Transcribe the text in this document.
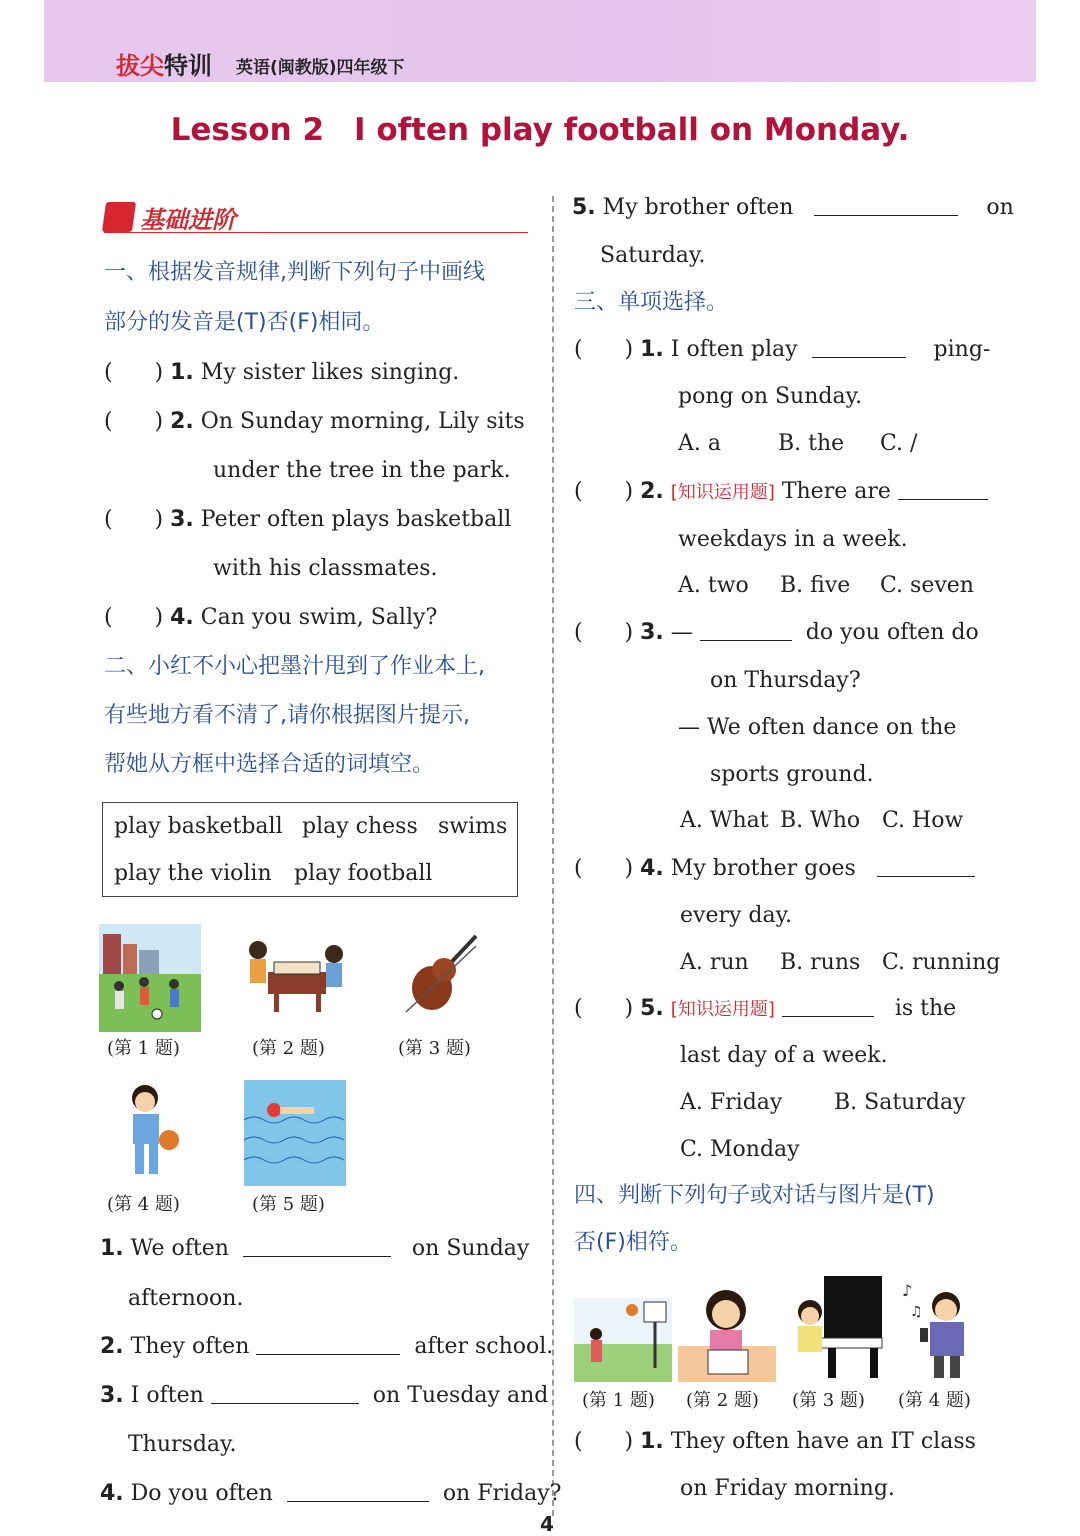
拔尖特训 英语(闽教版)四年级下
Lesson 2 I often play football on Monday.
基础进阶
一、根据发音规律,判断下列句子中画线
部分的发音是(T)否(F)相同。
(      ) 1. My sister likes singing.
(      ) 2. On Sunday morning, Lily sits
under the tree in the park.
(      ) 3. Peter often plays basketball
with his classmates.
(      ) 4. Can you swim, Sally?
二、小红不小心把墨汁甩到了作业本上,
有些地方看不清了,请你根据图片提示,
帮她从方框中选择合适的词填空。
play basketball play chess swims
play the violin play football
(第 1 题)	(第 2 题)	(第 3 题)
(第 4 题)	(第 5 题)
1. We often	on Sunday
afternoon.
2. They often	after school.
3. I often	on Tuesday and
Thursday.
4. Do you often	on Friday?
5. My brother often	on
Saturday.
三、单项选择。
(      ) 1. I often play	ping-
pong on Sunday.
A. a	B. the C. /
(      ) 2. [知识运用题] There are
weekdays in a week.
A. two B. five C. seven
(      ) 3. —	do you often do
on Thursday?
— We often dance on the
sports ground.
A. What B. Who C. How
(      ) 4. My brother goes
every day.
A. run B. runs C. running
(      ) 5. [知识运用题]	is the
last day of a week.
A. Friday B. Saturday
C. Monday
四、判断下列句子或对话与图片是(T)
否(F)相符。
(第 1 题) (第 2 题) (第 3 题)
♪
♫
(第 4 题)
(      ) 1. They often have an IT class
on Friday morning.
4
